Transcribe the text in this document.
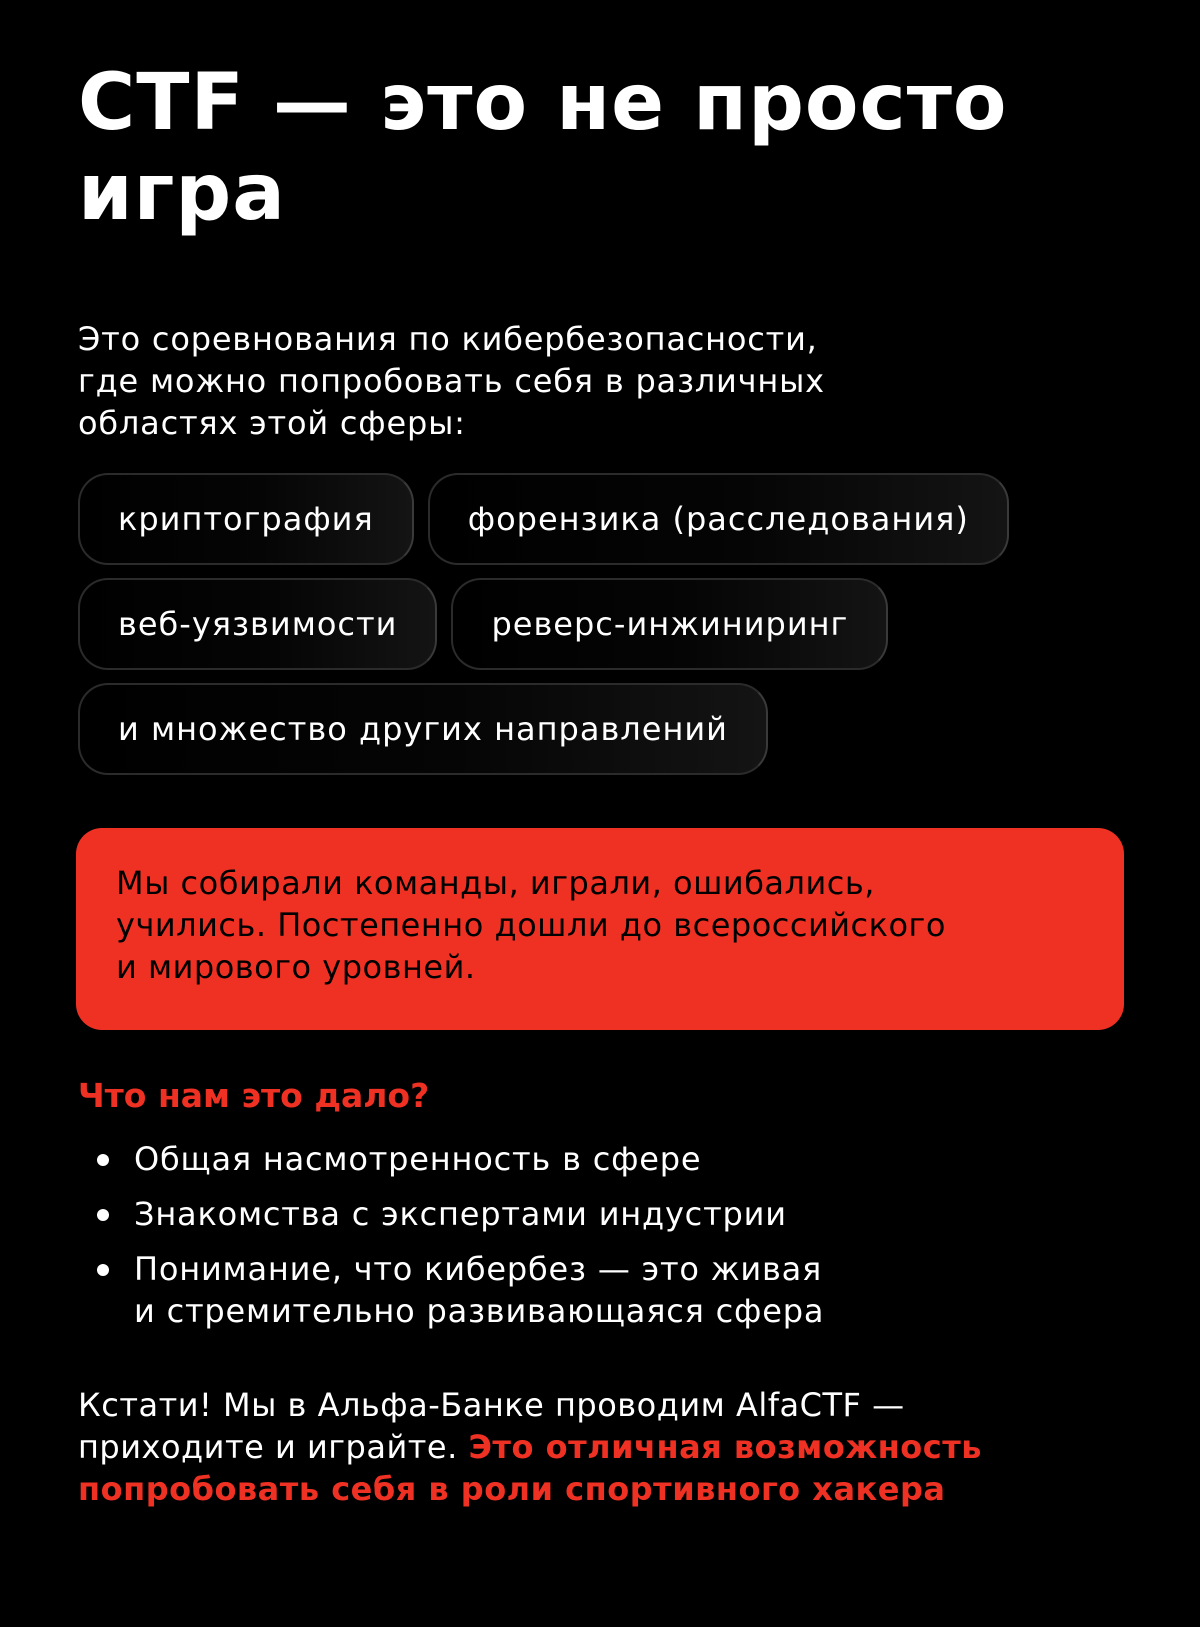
CTF — это не просто
игра

Это соревнования по кибербезопасности,
где можно попробовать себя в различных
областях этой сферы:

криптография	форензика (расследования)
веб-уязвимости	реверс-инжиниринг
и множество других направлений

Мы собирали команды, играли, ошибались,
учились. Постепенно дошли до всероссийского
и мирового уровней.

Что нам это дало?
Общая насмотренность в сфере
Знакомства с экспертами индустрии
Понимание, что кибербез — это живая
и стремительно развивающаяся сфера

Кстати! Мы в Альфа-Банке проводим AlfaCTF —
приходите и играйте. Это отличная возможность
попробовать себя в роли спортивного хакера
